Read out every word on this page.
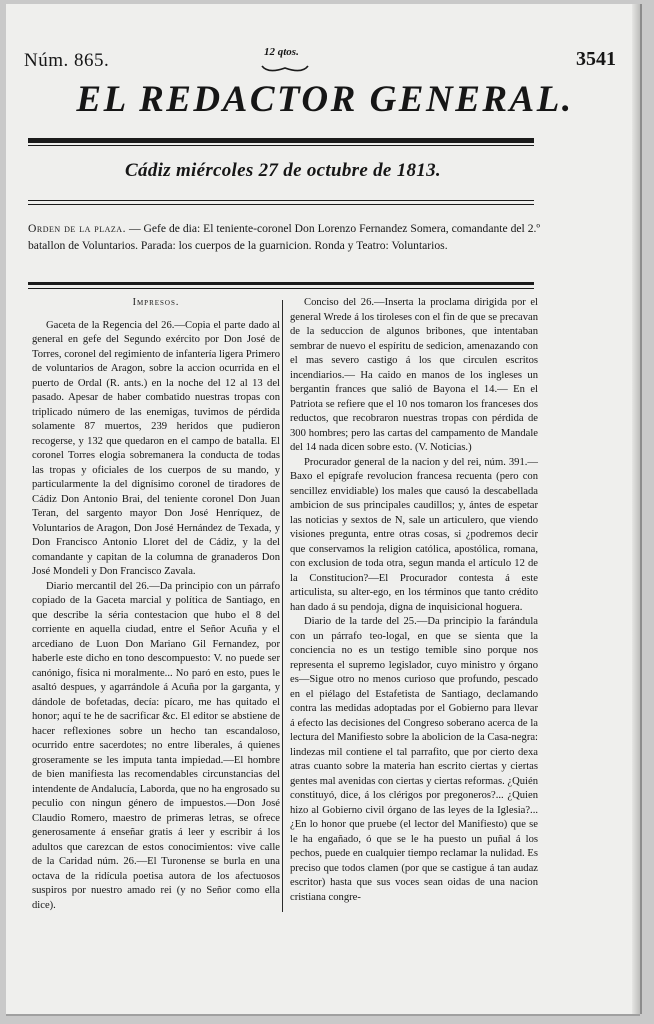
Núm. 865.	12 qtos.	3541
EL REDACTOR GENERAL.
Cádiz miércoles 27 de octubre de 1813.
Orden de la plaza. — Gefe de dia: El teniente-coronel Don Lorenzo Fernandez Somera, comandante del 2.º batallon de Voluntarios. Parada: los cuerpos de la guarnicion. Ronda y Teatro: Voluntarios.

Impresos.

Gaceta de la Regencia del 26.—Copia el parte dado al general en gefe del Segundo exército por Don José de Torres, coronel del regimiento de infantería ligera Primero de voluntarios de Aragon, sobre la accion ocurrida en el puerto de Ordal (R. ants.) en la noche del 12 al 13 del pasado. Apesar de haber combatido nuestras tropas con triplicado número de las enemigas, tuvimos de pérdida solamente 87 muertos, 239 heridos que pudieron recogerse, y 132 que quedaron en el campo de batalla. El coronel Torres elogia sobremanera la conducta de todas las tropas y oficiales de los cuerpos de su mando, y particularmente la del dignísimo coronel de tiradores de Cádiz Don Antonio Brai, del teniente coronel Don Juan Teran, del sargento mayor Don José Henríquez, de Voluntarios de Aragon, Don José Hernández de Texada, y Don Francisco Antonio Lloret del de Cádiz, y la del comandante y capitan de la columna de granaderos Don José Mondeli y Don Francisco Zavala.

Diario mercantil del 26.—Da principio con un párrafo copiado de la Gaceta marcial y política de Santiago, en que describe la séria contestacion que hubo el 8 del corriente en aquella ciudad, entre el Señor Acuña y el arcediano de Luon Don Mariano Gil Fernandez, por haberle este dicho en tono descompuesto: V. no puede ser canónigo, física ni moralmente... No paró en esto, pues le asaltó despues, y agarrándole á Acuña por la garganta, y dándole de bofetadas, decía: pícaro, me has quitado el honor; aquí te he de sacrificar &c. El editor se abstiene de hacer reflexiones sobre un hecho tan escandaloso, ocurrido entre sacerdotes; no entre liberales, á quienes groseramente se les imputa tanta impiedad.—El hombre de bien manifiesta las recomendables circunstancias del intendente de Andalucía, Laborda, que no ha engrosado su peculio con ningun género de impuestos.—Don José Claudio Romero, maestro de primeras letras, se ofrece generosamente á enseñar gratis á leer y escribir á los adultos que carezcan de estos conocimientos: vive calle de la Caridad núm. 26.—El Turonense se burla en una octava de la ridícula poetisa autora de los afectuosos suspiros por nuestro amado rei (y no Señor como ella dice).

Conciso del 26.—Inserta la proclama dirigida por el general Wrede á los tiroleses con el fin de que se precavan de la seduccion de algunos bribones, que intentaban sembrar de nuevo el espíritu de sedicion, amenazando con el mas severo castigo á los que circulen escritos incendiarios.— Ha caido en manos de los ingleses un bergantin frances que salió de Bayona el 14.— En el Patriota se refiere que el 10 nos tomaron los franceses dos reductos, que recobraron nuestras tropas con pérdida de 300 hombres; pero las cartas del campamento de Mandale del 14 nada dicen sobre esto. (V. Noticias.)

Procurador general de la nacion y del rei, núm. 391.—Baxo el epígrafe revolucion francesa recuenta (pero con sencillez envidiable) los males que causó la descabellada ambicion de sus principales caudillos; y, ántes de espetar las noticias y sextos de N, sale un articulero, que viendo visiones pregunta, entre otras cosas, si ¿podremos decir que conservamos la religion católica, apostólica, romana, con exclusion de toda otra, segun manda el artículo 12 de la Constitucion?—El Procurador contesta á este articulista, su alter-ego, en los términos que tanto crédito han dado á su pendoja, digna de inquisicional hoguera.

Diario de la tarde del 25.—Da principio la farándula con un párrafo teo-logal, en que se sienta que la conciencia no es un testigo temible sino porque nos representa el supremo legislador, cuyo ministro y órgano es—Sigue otro no menos curioso que profundo, pescado en el piélago del Estafetista de Santiago, declamando contra las medidas adoptadas por el Gobierno para llevar á efecto las decisiones del Congreso soberano acerca de la lectura del Manifiesto sobre la abolicion de la Casa-negra: lindezas mil contiene el tal parrafito, que por cierto dexa atras cuanto sobre la materia han escrito ciertas y ciertas gentes mal avenidas con ciertas y ciertas reformas. ¿Quién constituyó, dice, á los clérigos por pregoneros?... ¿Quien hizo al Gobierno civil órgano de las leyes de la Iglesia?... ¿En lo honor que pruebe (el lector del Manifiesto) que se le ha engañado, ó que se le ha puesto un puñal á los pechos, puede en cualquier tiempo reclamar la nulidad. Es preciso que todos clamen (por que se castigue á tan audaz escritor) hasta que sus voces sean oidas de una nacion cristiana congre-
